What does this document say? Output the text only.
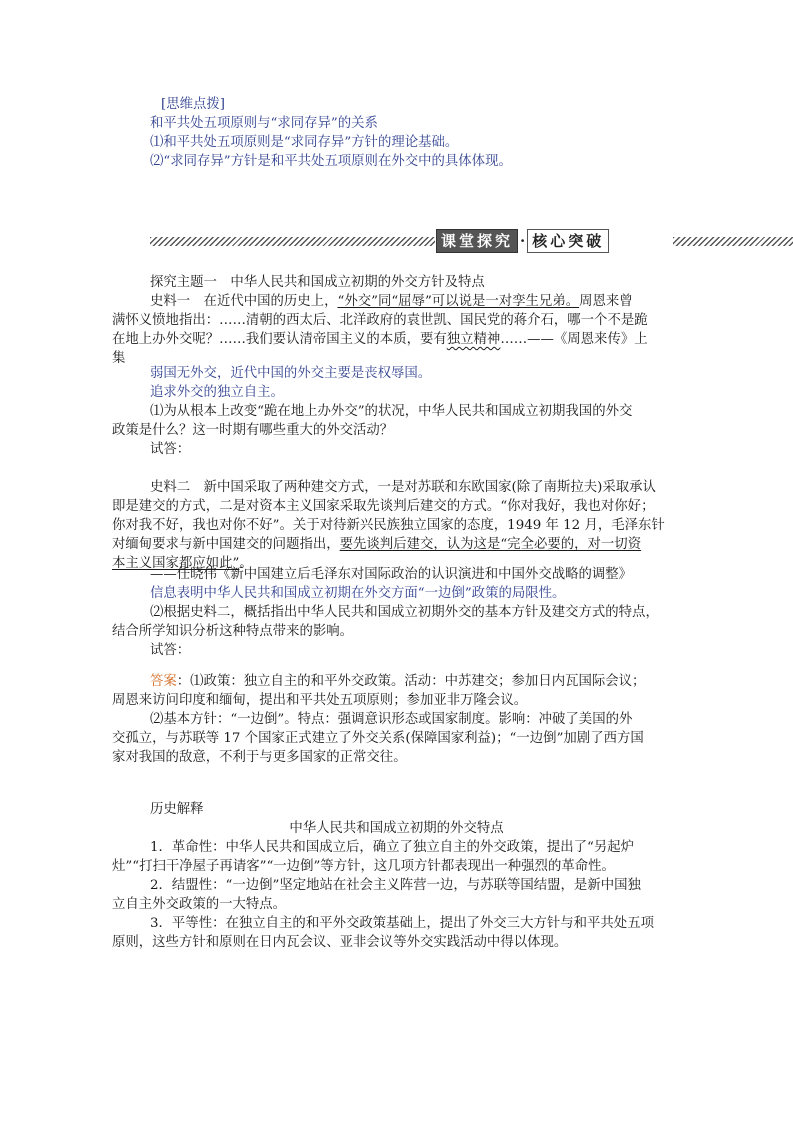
[思维点拨]
和平共处五项原则与“求同存异”的关系
⑴和平共处五项原则是“求同存异”方针的理论基础。
⑵“求同存异”方针是和平共处五项原则在外交中的具体体现。
课堂探究 · 核心突破
探究主题一　中华人民共和国成立初期的外交方针及特点
史料一　在近代中国的历史上，“外交”同“屈辱”可以说是一对孪生兄弟。周恩来曾
满怀义愤地指出：……清朝的西太后、北洋政府的袁世凯、国民党的蒋介石，哪一个不是跪
在地上办外交呢？……我们要认清帝国主义的本质，要有独立精神……——《周恩来传》上
集
弱国无外交，近代中国的外交主要是丧权辱国。
追求外交的独立自主。
⑴为从根本上改变“跪在地上办外交”的状况，中华人民共和国成立初期我国的外交
政策是什么？这一时期有哪些重大的外交活动？
试答：
史料二　新中国采取了两种建交方式，一是对苏联和东欧国家(除了南斯拉夫)采取承认
即是建交的方式，二是对资本主义国家采取先谈判后建交的方式。“你对我好，我也对你好；
你对我不好，我也对你不好”。关于对待新兴民族独立国家的态度，1949 年 12 月，毛泽东针
对缅甸要求与新中国建交的问题指出，要先谈判后建交，认为这是“完全必要的，对一切资
本主义国家都应如此”。
——任晓伟《新中国建立后毛泽东对国际政治的认识演进和中国外交战略的调整》
信息表明中华人民共和国成立初期在外交方面“一边倒”政策的局限性。
⑵根据史料二，概括指出中华人民共和国成立初期外交的基本方针及建交方式的特点，
结合所学知识分析这种特点带来的影响。
试答：
答案：⑴政策：独立自主的和平外交政策。活动：中苏建交；参加日内瓦国际会议；
周恩来访问印度和缅甸，提出和平共处五项原则；参加亚非万隆会议。
⑵基本方针：“一边倒”。特点：强调意识形态或国家制度。影响：冲破了美国的外
交孤立，与苏联等 17 个国家正式建立了外交关系(保障国家利益)；“一边倒”加剧了西方国
家对我国的敌意，不利于与更多国家的正常交往。
历史解释
中华人民共和国成立初期的外交特点
1．革命性：中华人民共和国成立后，确立了独立自主的外交政策，提出了“另起炉
灶”“打扫干净屋子再请客”“一边倒”等方针，这几项方针都表现出一种强烈的革命性。
2．结盟性：“一边倒”坚定地站在社会主义阵营一边，与苏联等国结盟，是新中国独
立自主外交政策的一大特点。
3．平等性：在独立自主的和平外交政策基础上，提出了外交三大方针与和平共处五项
原则，这些方针和原则在日内瓦会议、亚非会议等外交实践活动中得以体现。
